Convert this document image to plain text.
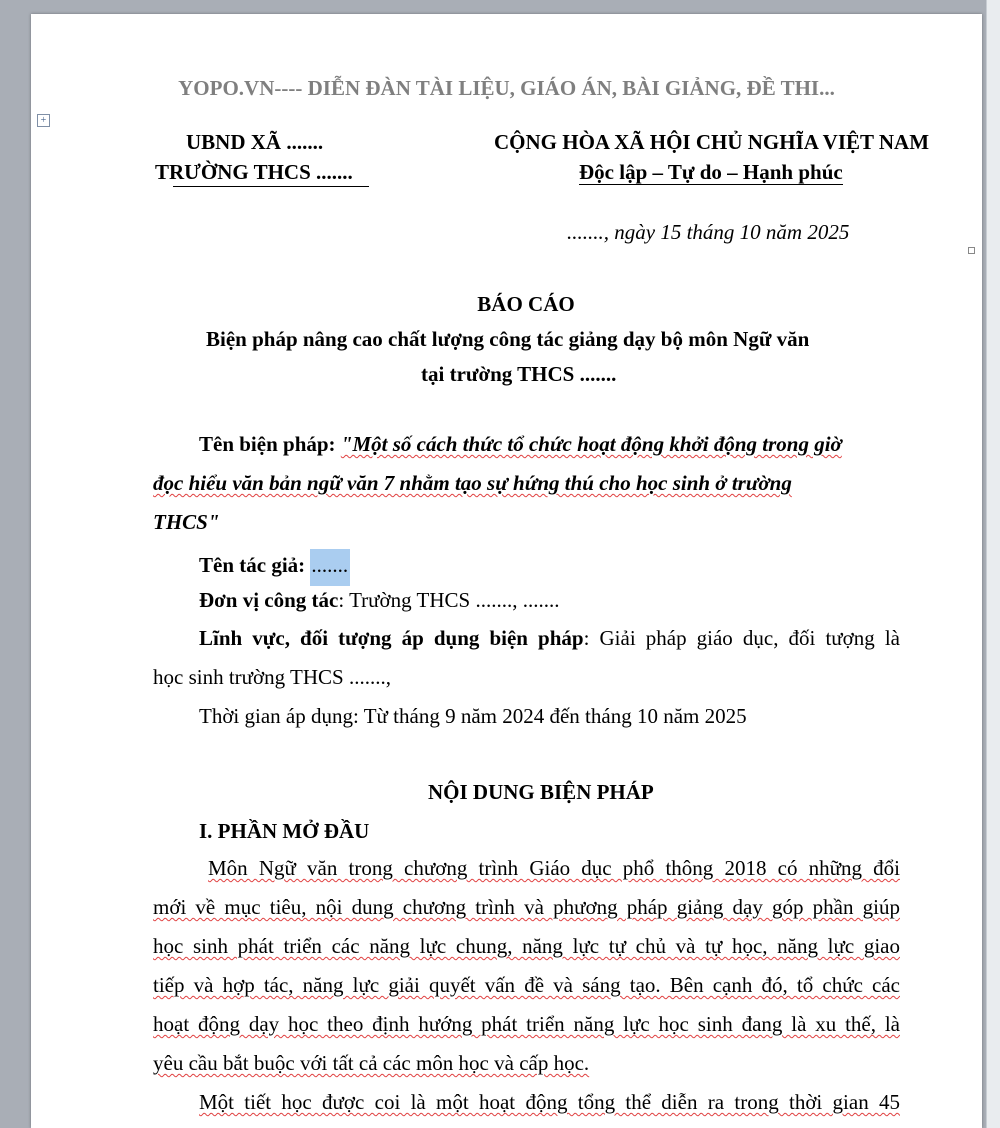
YOPO.VN---- DIỄN ĐÀN TÀI LIỆU, GIÁO ÁN, BÀI GIẢNG, ĐỀ THI...
+
UBND XÃ .......
TRƯỜNG THCS .......
CỘNG HÒA XÃ HỘI CHỦ NGHĨA VIỆT NAM
Độc lập – Tự do – Hạnh phúc
......., ngày 15 tháng 10 năm 2025
BÁO CÁO
Biện pháp nâng cao chất lượng công tác giảng dạy bộ môn Ngữ văn
tại trường THCS .......
Tên biện pháp: "Một số cách thức tổ chức hoạt động khởi động trong giờ
đọc hiểu văn bản ngữ văn 7 nhằm tạo sự hứng thú cho học sinh ở trường
THCS"
Tên tác giả: .......
Đơn vị công tác: Trường THCS ......., .......
Lĩnh vực, đối tượng áp dụng biện pháp: Giải pháp giáo dục, đối tượng là
học sinh trường THCS .......,
Thời gian áp dụng: Từ tháng 9 năm 2024 đến tháng 10 năm 2025
NỘI DUNG BIỆN PHÁP
I. PHẦN MỞ ĐẦU
Môn Ngữ văn trong chương trình Giáo dục phổ thông 2018 có những đổi
mới về mục tiêu, nội dung chương trình và phương pháp giảng dạy góp phần giúp
học sinh phát triển các năng lực chung, năng lực tự chủ và tự học, năng lực giao
tiếp và hợp tác, năng lực giải quyết vấn đề và sáng tạo. Bên cạnh đó, tổ chức các
hoạt động dạy học theo định hướng phát triển năng lực học sinh đang là xu thế, là
yêu cầu bắt buộc với tất cả các môn học và cấp học.
Một tiết học được coi là một hoạt động tổng thể diễn ra trong thời gian 45
